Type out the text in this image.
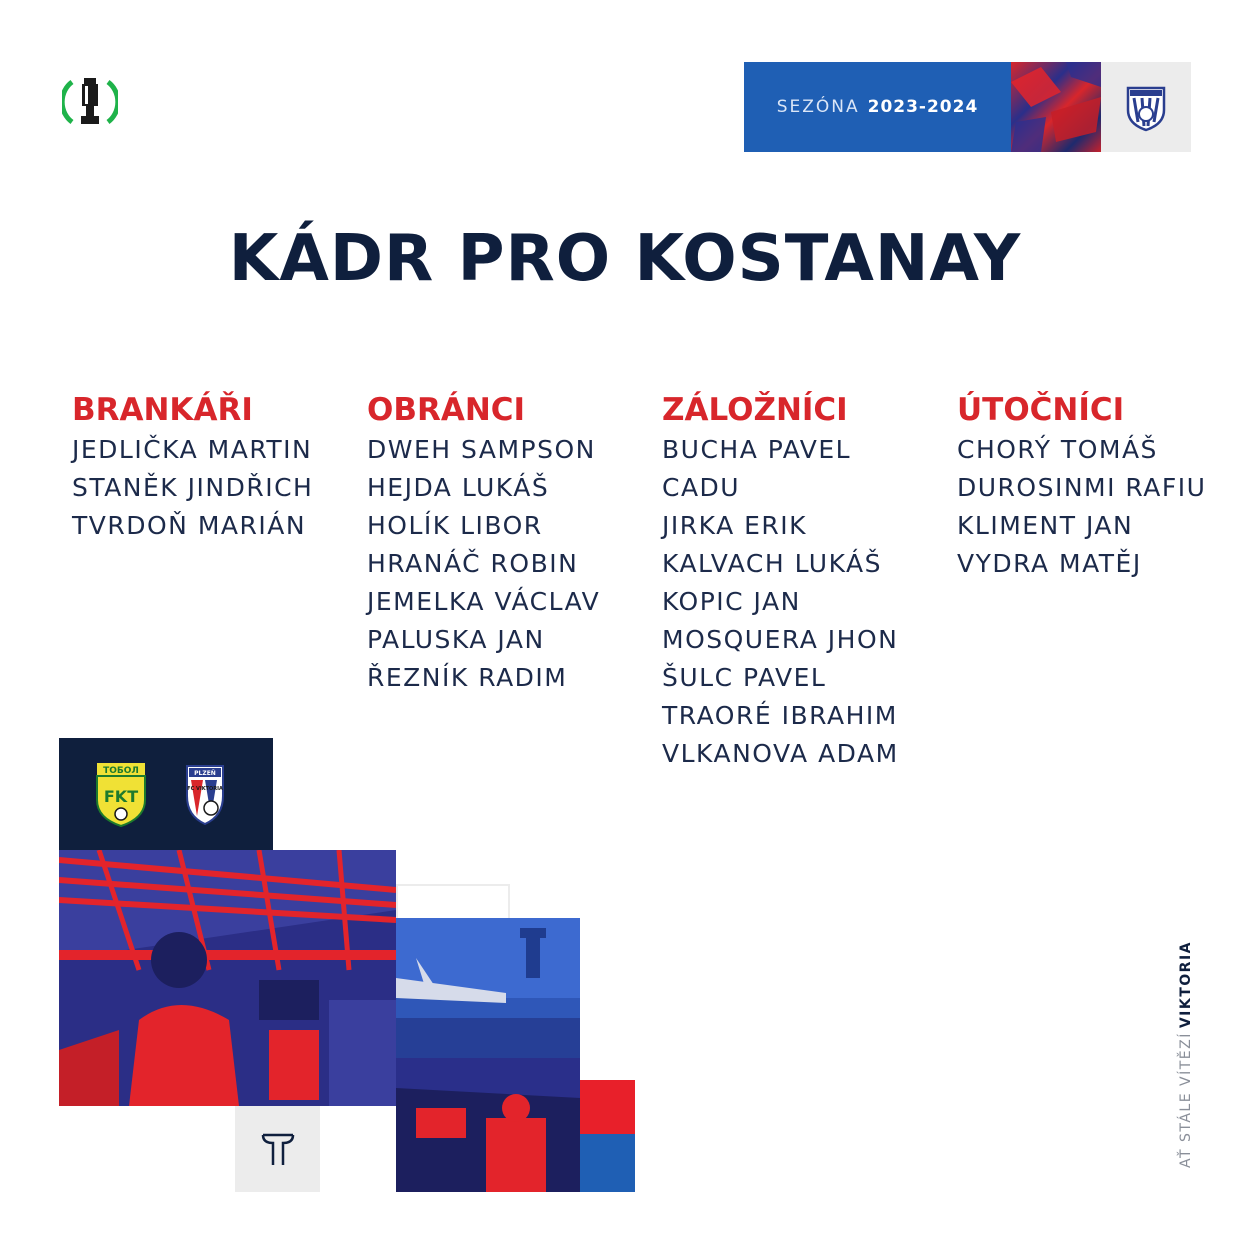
SEZÓNA 2023-2024
KÁDR PRO KOSTANAY
BRANKÁŘI
JEDLIČKA MARTIN
STANĚK JINDŘICH
TVRDOŇ MARIÁN
OBRÁNCI
DWEH SAMPSON
HEJDA LUKÁŠ
HOLÍK LIBOR
HRANÁČ ROBIN
JEMELKA VÁCLAV
PALUSKA JAN
ŘEZNÍK RADIM
ZÁLOŽNÍCI
BUCHA PAVEL
CADU
JIRKA ERIK
KALVACH LUKÁŠ
KOPIC JAN
MOSQUERA JHON
ŠULC PAVEL
TRAORÉ IBRAHIM
VLKANOVA ADAM
ÚTOČNÍCI
CHORÝ TOMÁŠ
DUROSINMI RAFIU
KLIMENT JAN
VYDRA MATĚJ
ТОБОЛ
FKT
PLZEŇ
FC VIKTORIA
AŤ STÁLE VÍTĚZÍVIKTORIA
